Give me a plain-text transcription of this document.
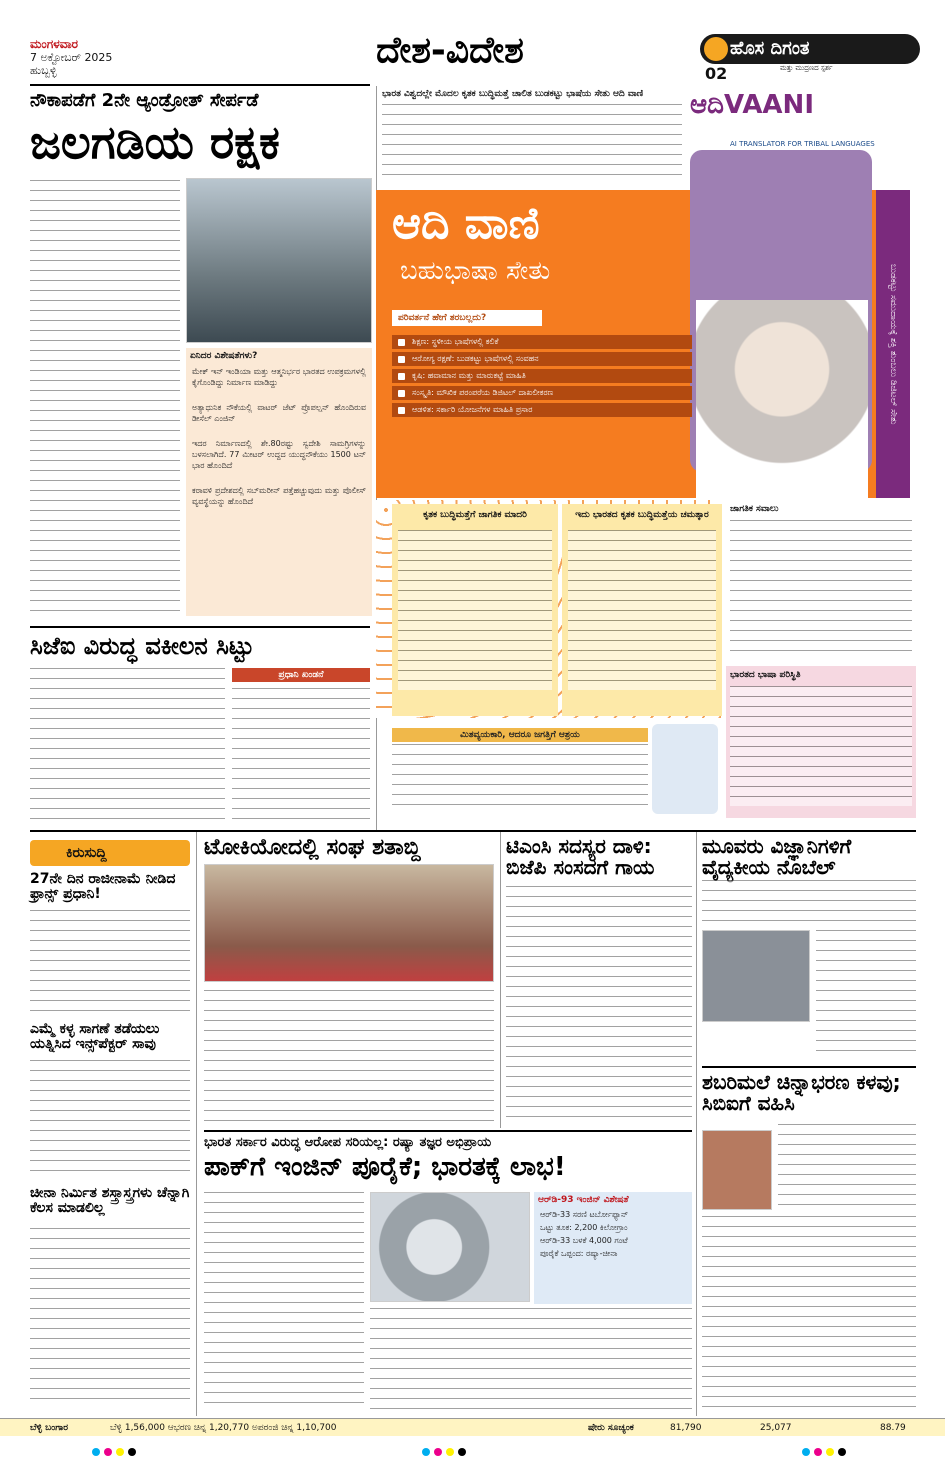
ಮಂಗಳವಾರ
7 ಅಕ್ಟೋಬರ್ 2025
ಹುಬ್ಬಳ್ಳಿ	ದೇಶ-ವಿದೇಶ	ಹೊಸ ದಿಗಂತ
02	ಮತ್ತು ಮುದ್ರಣದ ಸ್ಪರ್ಶ
ನೌಕಾಪಡೆಗೆ 2ನೇ ಆ್ಯಂಡ್ರೋತ್ ಸೇರ್ಪಡೆ
ಜಲಗಡಿಯ ರಕ್ಷಕ
ಏನಿದರ ವಿಶೇಷತೆಗಳು?
ಮೇಕ್ ಇನ್ ಇಂಡಿಯಾ ಮತ್ತು ಆತ್ಮನಿರ್ಭರ ಭಾರತದ ಉಪಕ್ರಮಗಳಲ್ಲಿ ಕೈಗೊಂಡಿದ್ದು ನಿರ್ಮಾಣ ಮಾಡಿದ್ದು
ಅತ್ಯಾಧುನಿಕ ನೌಕೆಯಲ್ಲಿ ವಾಟರ್ ಜೆಟ್ ಪ್ರೊಪಲ್ಷನ್ ಹೊಂದಿರುವ ಡೀಸೆಲ್ ಎಂಜಿನ್
ಇದರ ನಿರ್ಮಾಣದಲ್ಲಿ ಶೇ.80ರಷ್ಟು ಸ್ವದೇಶಿ ಸಾಮಗ್ರಿಗಳನ್ನು ಬಳಸಲಾಗಿದೆ. 77 ಮೀಟರ್ ಉದ್ದದ ಯುದ್ಧನೌಕೆಯು 1500 ಟನ್ ಭಾರ ಹೊಂದಿದೆ
ಕರಾವಳಿ ಪ್ರದೇಶದಲ್ಲಿ ಸಬ್‌ಮರೀನ್ ಪತ್ತೆಹಚ್ಚುವುದು ಮತ್ತು ಪೊಲೀಸ್ ವ್ಯವಸ್ಥೆಯನ್ನು ಹೊಂದಿದೆ
ಸಿಜೆಐ ವಿರುದ್ಧ ವಕೀಲನ ಸಿಟ್ಟು
ಪ್ರಧಾನಿ ಖಂಡನೆ
ಭಾರತ ವಿಶ್ವದಲ್ಲೇ ಮೊದಲ ಕೃತಕ ಬುದ್ಧಿಮತ್ತೆ ಚಾಲಿತ ಬುಡಕಟ್ಟು ಭಾಷೆಯ ಸೇತು ಆದಿ ವಾಣಿ	ಆದಿVAANI
AI TRANSLATOR FOR TRIBAL LANGUAGES
ಬುಡಕಟ್ಟು ಸಮುದಾಯಕ್ಕೆ ಶಕ್ತಿ ತುಂಬಲು ಡಿಜಿಟಲ್ ಸೇತು
ಆದಿ ವಾಣಿ
ಬಹುಭಾಷಾ ಸೇತು
ಪರಿವರ್ತನೆ ಹೇಗೆ ತರಬಲ್ಲದು?
ಶಿಕ್ಷಣ: ಸ್ಥಳೀಯ ಭಾಷೆಗಳಲ್ಲಿ ಕಲಿಕೆ
ಆರೋಗ್ಯ ರಕ್ಷಣೆ: ಬುಡಕಟ್ಟು ಭಾಷೆಗಳಲ್ಲಿ ಸಂವಹನ
ಕೃಷಿ: ಹವಾಮಾನ ಮತ್ತು ಮಾರುಕಟ್ಟೆ ಮಾಹಿತಿ
ಸಂಸ್ಕೃತಿ: ಮೌಖಿಕ ಪರಂಪರೆಯ ಡಿಜಿಟಲ್ ದಾಖಲೀಕರಣ
ಆಡಳಿತ: ಸರ್ಕಾರಿ ಯೋಜನೆಗಳ ಮಾಹಿತಿ ಪ್ರಸಾರ
ಕೃತಕ ಬುದ್ಧಿಮತ್ತೆಗೆ ಜಾಗತಿಕ ಮಾದರಿ	ಇದು ಭಾರತದ ಕೃತಕ ಬುದ್ಧಿಮತ್ತೆಯ ಚಮತ್ಕಾರ
ಮಿತವ್ಯಯಕಾರಿ, ಆದರೂ ಜಗತ್ತಿಗೆ ಆಶ್ರಯ
ಜಾಗತಿಕ ಸವಾಲು
ಭಾರತದ ಭಾಷಾ ಪರಿಸ್ಥಿತಿ
ಕಿರುಸುದ್ದಿ
27ನೇ ದಿನ ರಾಜೀನಾಮೆ ನೀಡಿದ ಫ್ರಾನ್ಸ್ ಪ್ರಧಾನಿ!
ಎಮ್ಮೆ ಕಳ್ಳ ಸಾಗಣೆ ತಡೆಯಲು ಯತ್ನಿಸಿದ ಇನ್ಸ್‌ಪೆಕ್ಟರ್ ಸಾವು
ಚೀನಾ ನಿರ್ಮಿತ ಶಸ್ತ್ರಾಸ್ತ್ರಗಳು ಚೆನ್ನಾಗಿ ಕೆಲಸ ಮಾಡಲಿಲ್ಲ
ಟೋಕಿಯೋದಲ್ಲಿ ಸಂಘ ಶತಾಬ್ದಿ	ಟಿಎಂಸಿ ಸದಸ್ಯರ ದಾಳಿ: ಬಿಜೆಪಿ ಸಂಸದಗೆ ಗಾಯ
ಮೂವರು ವಿಜ್ಞಾನಿಗಳಿಗೆ ವೈದ್ಯಕೀಯ ನೊಬೆಲ್
ಶಬರಿಮಲೆ ಚಿನ್ನಾಭರಣ ಕಳವು; ಸಿಬಿಐಗೆ ವಹಿಸಿ
ಭಾರತ ಸರ್ಕಾರ ವಿರುದ್ಧ ಆರೋಪ ಸರಿಯಲ್ಲ: ರಷ್ಯಾ ತಜ್ಞರ ಅಭಿಪ್ರಾಯ
ಪಾಕ್‌ಗೆ ಇಂಜಿನ್ ಪೂರೈಕೆ; ಭಾರತಕ್ಕೆ ಲಾಭ!
ಆರ್‌ಡಿ-93 ಇಂಜಿನ್ ವಿಶೇಷತೆ
ಆರ್‌ಡಿ-33 ಸರಣಿ ಟರ್ಬೋಫ್ಯಾನ್
ಒಟ್ಟು ತೂಕ: 2,200 ಕಿಲೋಗ್ರಾಂ
ಆರ್‌ಡಿ-33 ಬಳಕೆ 4,000 ಗಂಟೆ
ಪೂರೈಕೆ ಒಪ್ಪಂದ: ರಷ್ಯಾ-ಚೀನಾ
ಬೆಳ್ಳಿ ಬಂಗಾರ	ಬೆಳ್ಳಿ 1,56,000 ಆಭರಣ ಚಿನ್ನ 1,20,770 ಅಪರಂಜಿ ಚಿನ್ನ 1,10,700	ಷೇರು ಸೂಚ್ಯಂಕ	81,790	25,077	88.79
